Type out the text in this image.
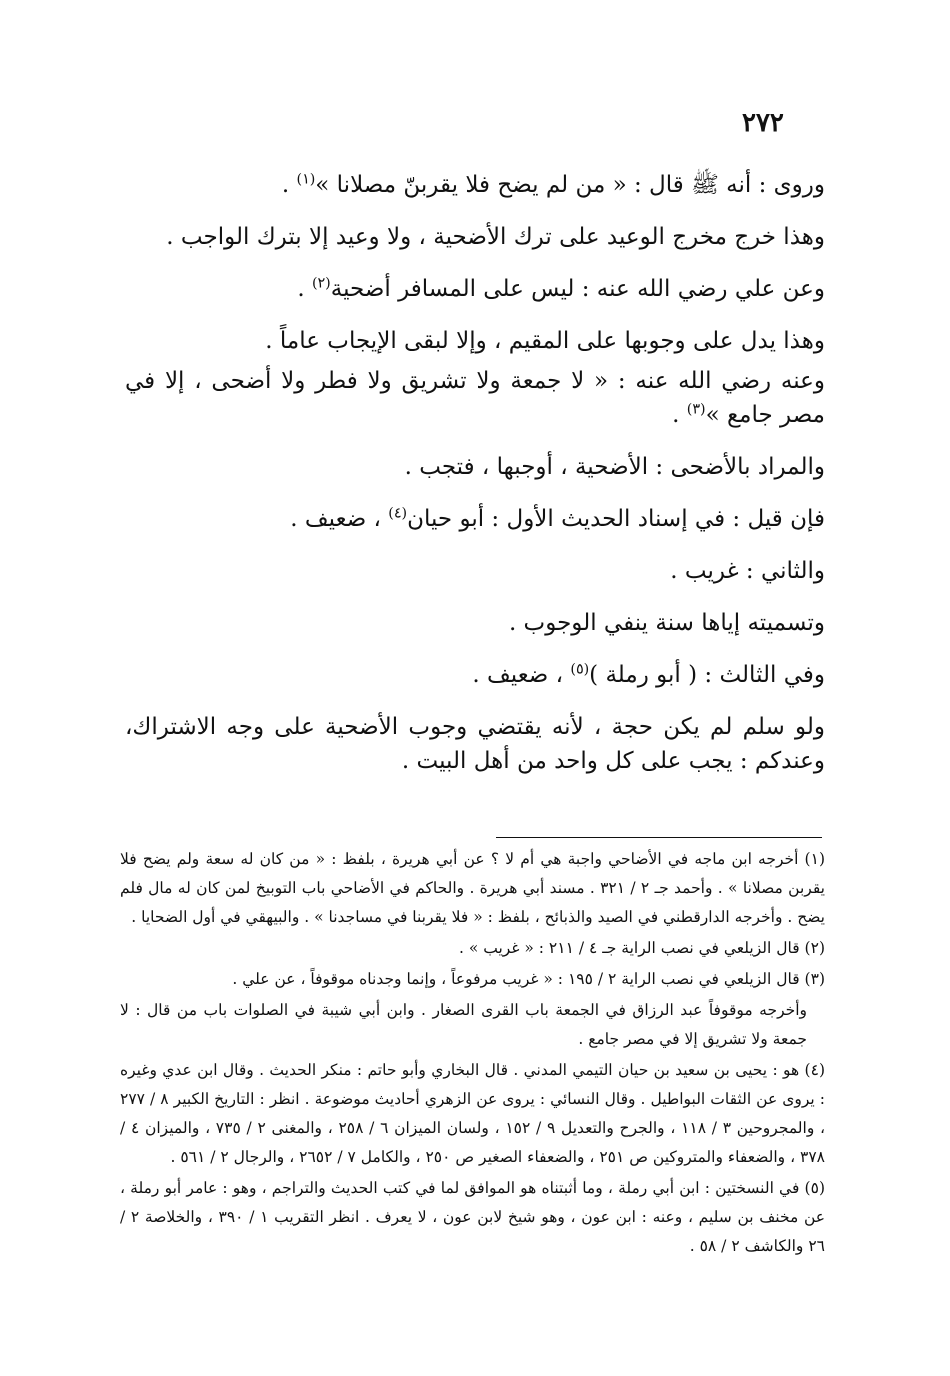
٢٧٢

وروى : أنه ﷺ قال : « من لم يضح فلا يقربنّ مصلانا »$^{(١)}$ .

وهذا خرج مخرج الوعيد على ترك الأضحية ، ولا وعيد إلا بترك الواجب .

وعن علي رضي الله عنه : ليس على المسافر أضحية$^{(٢)}$ .

وهذا يدل على وجوبها على المقيم ، وإلا لبقى الإيجاب عاماً .

وعنه رضي الله عنه : « لا جمعة ولا تشريق ولا فطر ولا أضحى ، إلا في مصر جامع »$^{(٣)}$ .

والمراد بالأضحى : الأضحية ، أوجبها ، فتجب .

فإن قيل : في إسناد الحديث الأول : أبو حيان$^{(٤)}$ ، ضعيف .

والثاني : غريب .

وتسميته إياها سنة ينفي الوجوب .

وفي الثالث : ( أبو رملة )$^{(٥)}$ ، ضعيف .

ولو سلم لم يكن حجة ، لأنه يقتضي وجوب الأضحية على وجه الاشتراك، وعندكم : يجب على كل واحد من أهل البيت .

(١) أخرجه ابن ماجه في الأضاحي واجبة هي أم لا ؟ عن أبي هريرة ، بلفظ : « من كان له سعة ولم يضح فلا يقربن مصلانا » . وأحمد جـ ٢ / ٣٢١ . مسند أبي هريرة . والحاكم في الأضاحي باب التوبيخ لمن كان له مال فلم يضح . وأخرجه الدارقطني في الصيد والذبائح ، بلفظ : « فلا يقربنا في مساجدنا » . والبيهقي في أول الضحايا .

(٢) قال الزيلعي في نصب الراية جـ ٤ / ٢١١ : « غريب » .

(٣) قال الزيلعي في نصب الراية ٢ / ١٩٥ : « غريب مرفوعاً ، وإنما وجدناه موقوفاً ، عن علي .

وأخرجه موقوفاً عبد الرزاق في الجمعة باب القرى الصغار . وابن أبي شيبة في الصلوات باب من قال : لا جمعة ولا تشريق إلا في مصر جامع .

(٤) هو : يحيى بن سعيد بن حيان التيمي المدني . قال البخاري وأبو حاتم : منكر الحديث . وقال ابن عدي وغيره : يروى عن الثقات البواطيل . وقال النسائي : يروى عن الزهري أحاديث موضوعة . انظر : التاريخ الكبير ٨ / ٢٧٧ ، والمجروحين ٣ / ١١٨ ، والجرح والتعديل ٩ / ١٥٢ ، ولسان الميزان ٦ / ٢٥٨ ، والمغنى ٢ / ٧٣٥ ، والميزان ٤ / ٣٧٨ ، والضعفاء والمتروكين ص ٢٥١ ، والضعفاء الصغير ص ٢٥٠ ، والكامل ٧ / ٢٦٥٢ ، والرجال ٢ / ٥٦١ .

(٥) في النسختين : ابن أبي رملة ، وما أثبتناه هو الموافق لما في كتب الحديث والتراجم ، وهو : عامر أبو رملة ، عن مخنف بن سليم ، وعنه : ابن عون ، وهو شيخ لابن عون ، لا يعرف . انظر التقريب ١ / ٣٩٠ ، والخلاصة ٢ / ٢٦ والكاشف ٢ / ٥٨ .
